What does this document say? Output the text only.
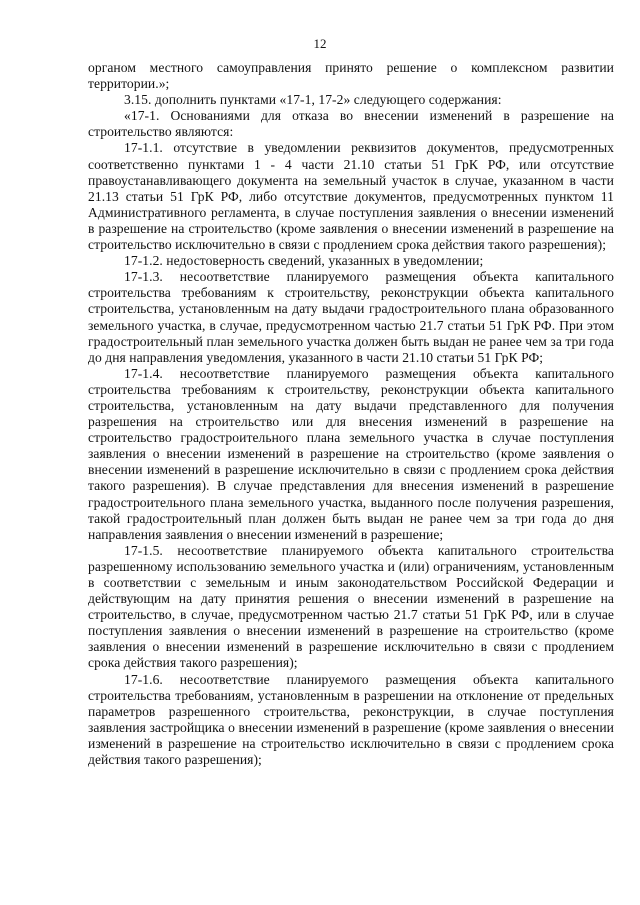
12

органом местного самоуправления принято решение о комплексном развитии территории.»;

3.15. дополнить пунктами «17-1, 17-2» следующего содержания:

«17-1. Основаниями для отказа во внесении изменений в разрешение на строительство являются:

17-1.1. отсутствие в уведомлении реквизитов документов, предусмотренных соответственно пунктами 1 - 4 части 21.10 статьи 51 ГрК РФ, или отсутствие правоустанавливающего документа на земельный участок в случае, указанном в части 21.13 статьи 51 ГрК РФ, либо отсутствие документов, предусмотренных пунктом 11 Административного регламента, в случае поступления заявления о внесении изменений в разрешение на строительство (кроме заявления о внесении изменений в разрешение на строительство исключительно в связи с продлением срока действия такого разрешения);

17-1.2. недостоверность сведений, указанных в уведомлении;

17-1.3. несоответствие планируемого размещения объекта капитального строительства требованиям к строительству, реконструкции объекта капитального строительства, установленным на дату выдачи градостроительного плана образованного земельного участка, в случае, предусмотренном частью 21.7 статьи 51 ГрК РФ. При этом градостроительный план земельного участка должен быть выдан не ранее чем за три года до дня направления уведомления, указанного в части 21.10 статьи 51 ГрК РФ;

17-1.4. несоответствие планируемого размещения объекта капитального строительства требованиям к строительству, реконструкции объекта капитального строительства, установленным на дату выдачи представленного для получения разрешения на строительство или для внесения изменений в разрешение на строительство градостроительного плана земельного участка в случае поступления заявления о внесении изменений в разрешение на строительство (кроме заявления о внесении изменений в разрешение исключительно в связи с продлением срока действия такого разрешения). В случае представления для внесения изменений в разрешение градостроительного плана земельного участка, выданного после получения разрешения, такой градостроительный план должен быть выдан не ранее чем за три года до дня направления заявления о внесении изменений в разрешение;

17-1.5. несоответствие планируемого объекта капитального строительства разрешенному использованию земельного участка и (или) ограничениям, установленным в соответствии с земельным и иным законодательством Российской Федерации и действующим на дату принятия решения о внесении изменений в разрешение на строительство, в случае, предусмотренном частью 21.7 статьи 51 ГрК РФ, или в случае поступления заявления о внесении изменений в разрешение на строительство (кроме заявления о внесении изменений в разрешение исключительно в связи с продлением срока действия такого разрешения);

17-1.6. несоответствие планируемого размещения объекта капитального строительства требованиям, установленным в разрешении на отклонение от предельных параметров разрешенного строительства, реконструкции, в случае поступления заявления застройщика о внесении изменений в разрешение (кроме заявления о внесении изменений в разрешение на строительство исключительно в связи с продлением срока действия такого разрешения);
